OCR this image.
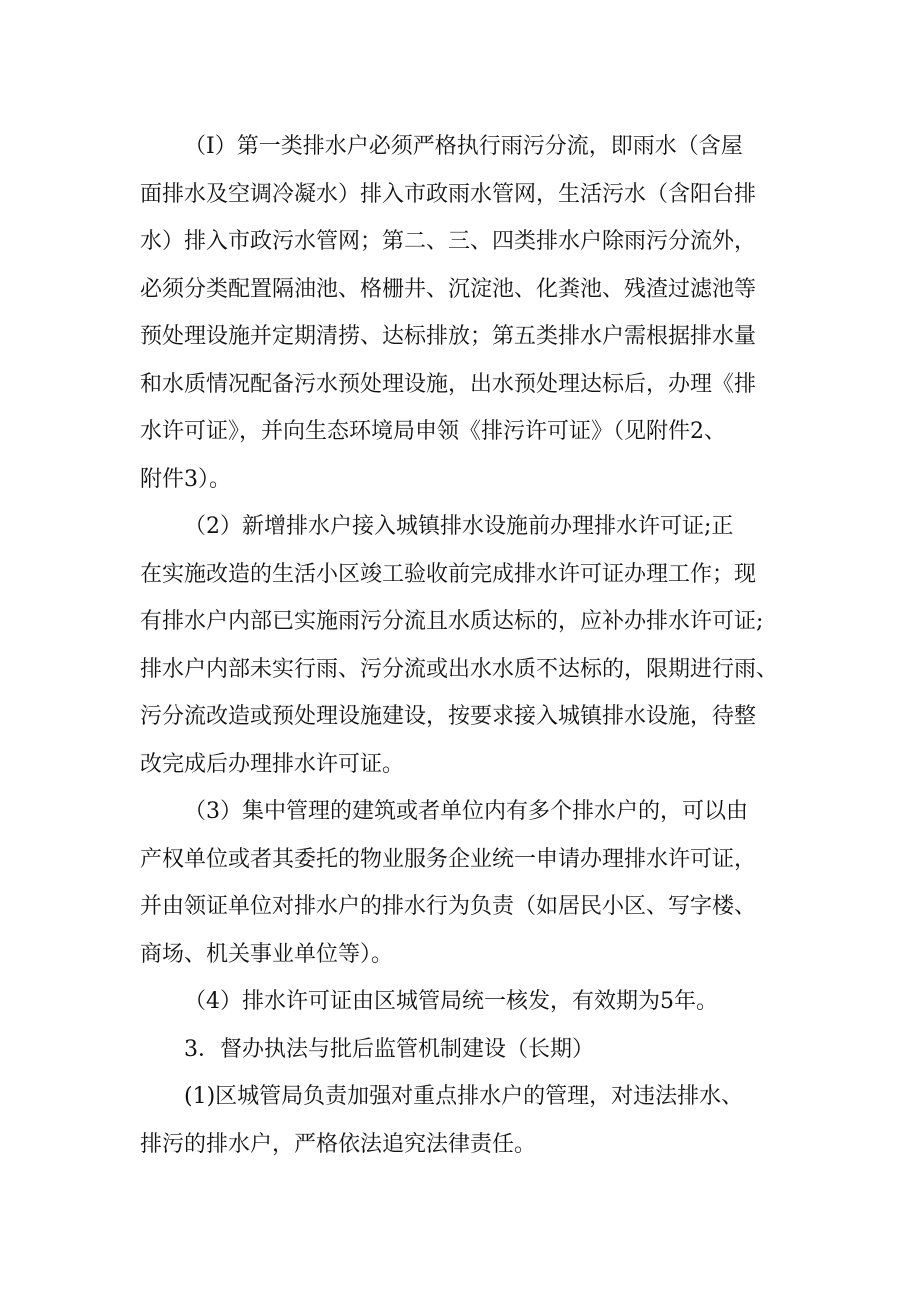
（I）第一类排水户必须严格执行雨污分流，即雨水（含屋
面排水及空调冷凝水）排入市政雨水管网，生活污水（含阳台排
水）排入市政污水管网；第二、三、四类排水户除雨污分流外，
必须分类配置隔油池、格栅井、沉淀池、化粪池、残渣过滤池等
预处理设施并定期清捞、达标排放；第五类排水户需根据排水量
和水质情况配备污水预处理设施，出水预处理达标后，办理《排
水许可证》，并向生态环境局申领《排污许可证》（见附件2、
附件3）。
（2）新增排水户接入城镇排水设施前办理排水许可证;正
在实施改造的生活小区竣工验收前完成排水许可证办理工作；现
有排水户内部已实施雨污分流且水质达标的，应补办排水许可证;
排水户内部未实行雨、污分流或出水水质不达标的，限期进行雨、
污分流改造或预处理设施建设，按要求接入城镇排水设施，待整
改完成后办理排水许可证。
（3）集中管理的建筑或者单位内有多个排水户的，可以由
产权单位或者其委托的物业服务企业统一申请办理排水许可证，
并由领证单位对排水户的排水行为负责（如居民小区、写字楼、
商场、机关事业单位等）。
（4）排水许可证由区城管局统一核发，有效期为5年。
3．督办执法与批后监管机制建设（长期）
(1)区城管局负责加强对重点排水户的管理，对违法排水、
排污的排水户，严格依法追究法律责任。
